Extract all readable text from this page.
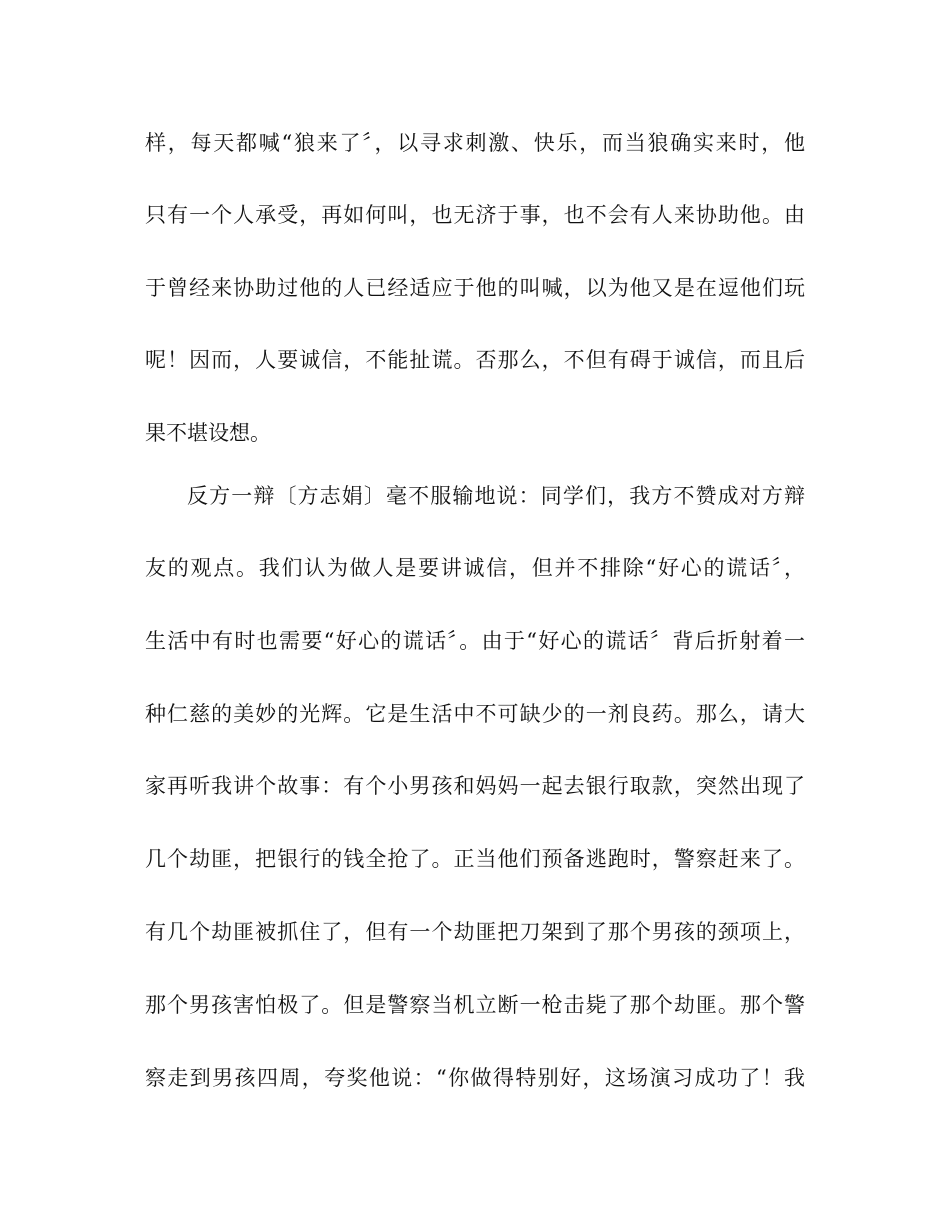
样，每天都喊“狼来了〞，以寻求刺激、快乐，而当狼确实来时，他
只有一个人承受，再如何叫，也无济于事，也不会有人来协助他。由
于曾经来协助过他的人已经适应于他的叫喊，以为他又是在逗他们玩
呢！因而，人要诚信，不能扯谎。否那么，不但有碍于诚信，而且后
果不堪设想。
反方一辩〔方志娟〕毫不服输地说：同学们，我方不赞成对方辩
友的观点。我们认为做人是要讲诚信，但并不排除“好心的谎话〞，
生活中有时也需要“好心的谎话〞。由于“好心的谎话〞背后折射着一
种仁慈的美妙的光辉。它是生活中不可缺少的一剂良药。那么，请大
家再听我讲个故事：有个小男孩和妈妈一起去银行取款，突然出现了
几个劫匪，把银行的钱全抢了。正当他们预备逃跑时，警察赶来了。
有几个劫匪被抓住了，但有一个劫匪把刀架到了那个男孩的颈项上，
那个男孩害怕极了。但是警察当机立断一枪击毙了那个劫匪。那个警
察走到男孩四周，夸奖他说：“你做得特别好，这场演习成功了！我
